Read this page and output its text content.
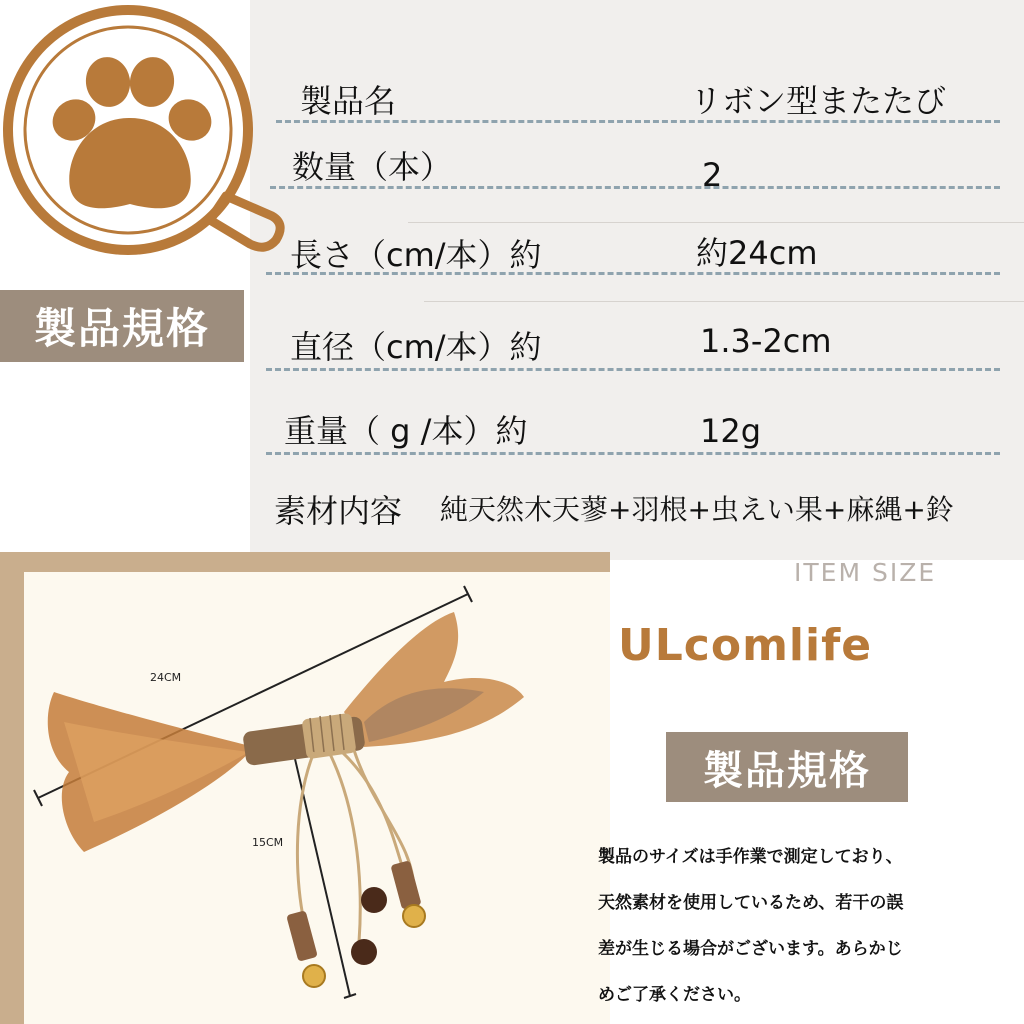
製品規格
製品名	リボン型またたび
数量（本）	2
長さ（cm/本）約	約24cm
直径（cm/本）約	1.3-2cm
重量（ g /本）約	12g
素材内容 純天然木天蓼+羽根+虫えい果+麻縄+鈴
24CM
15CM
ITEM SIZE
ULcomlife
製品規格
製品のサイズは手作業で測定しており、
天然素材を使用しているため、若干の誤
差が生じる場合がございます。あらかじ
めご了承ください。
